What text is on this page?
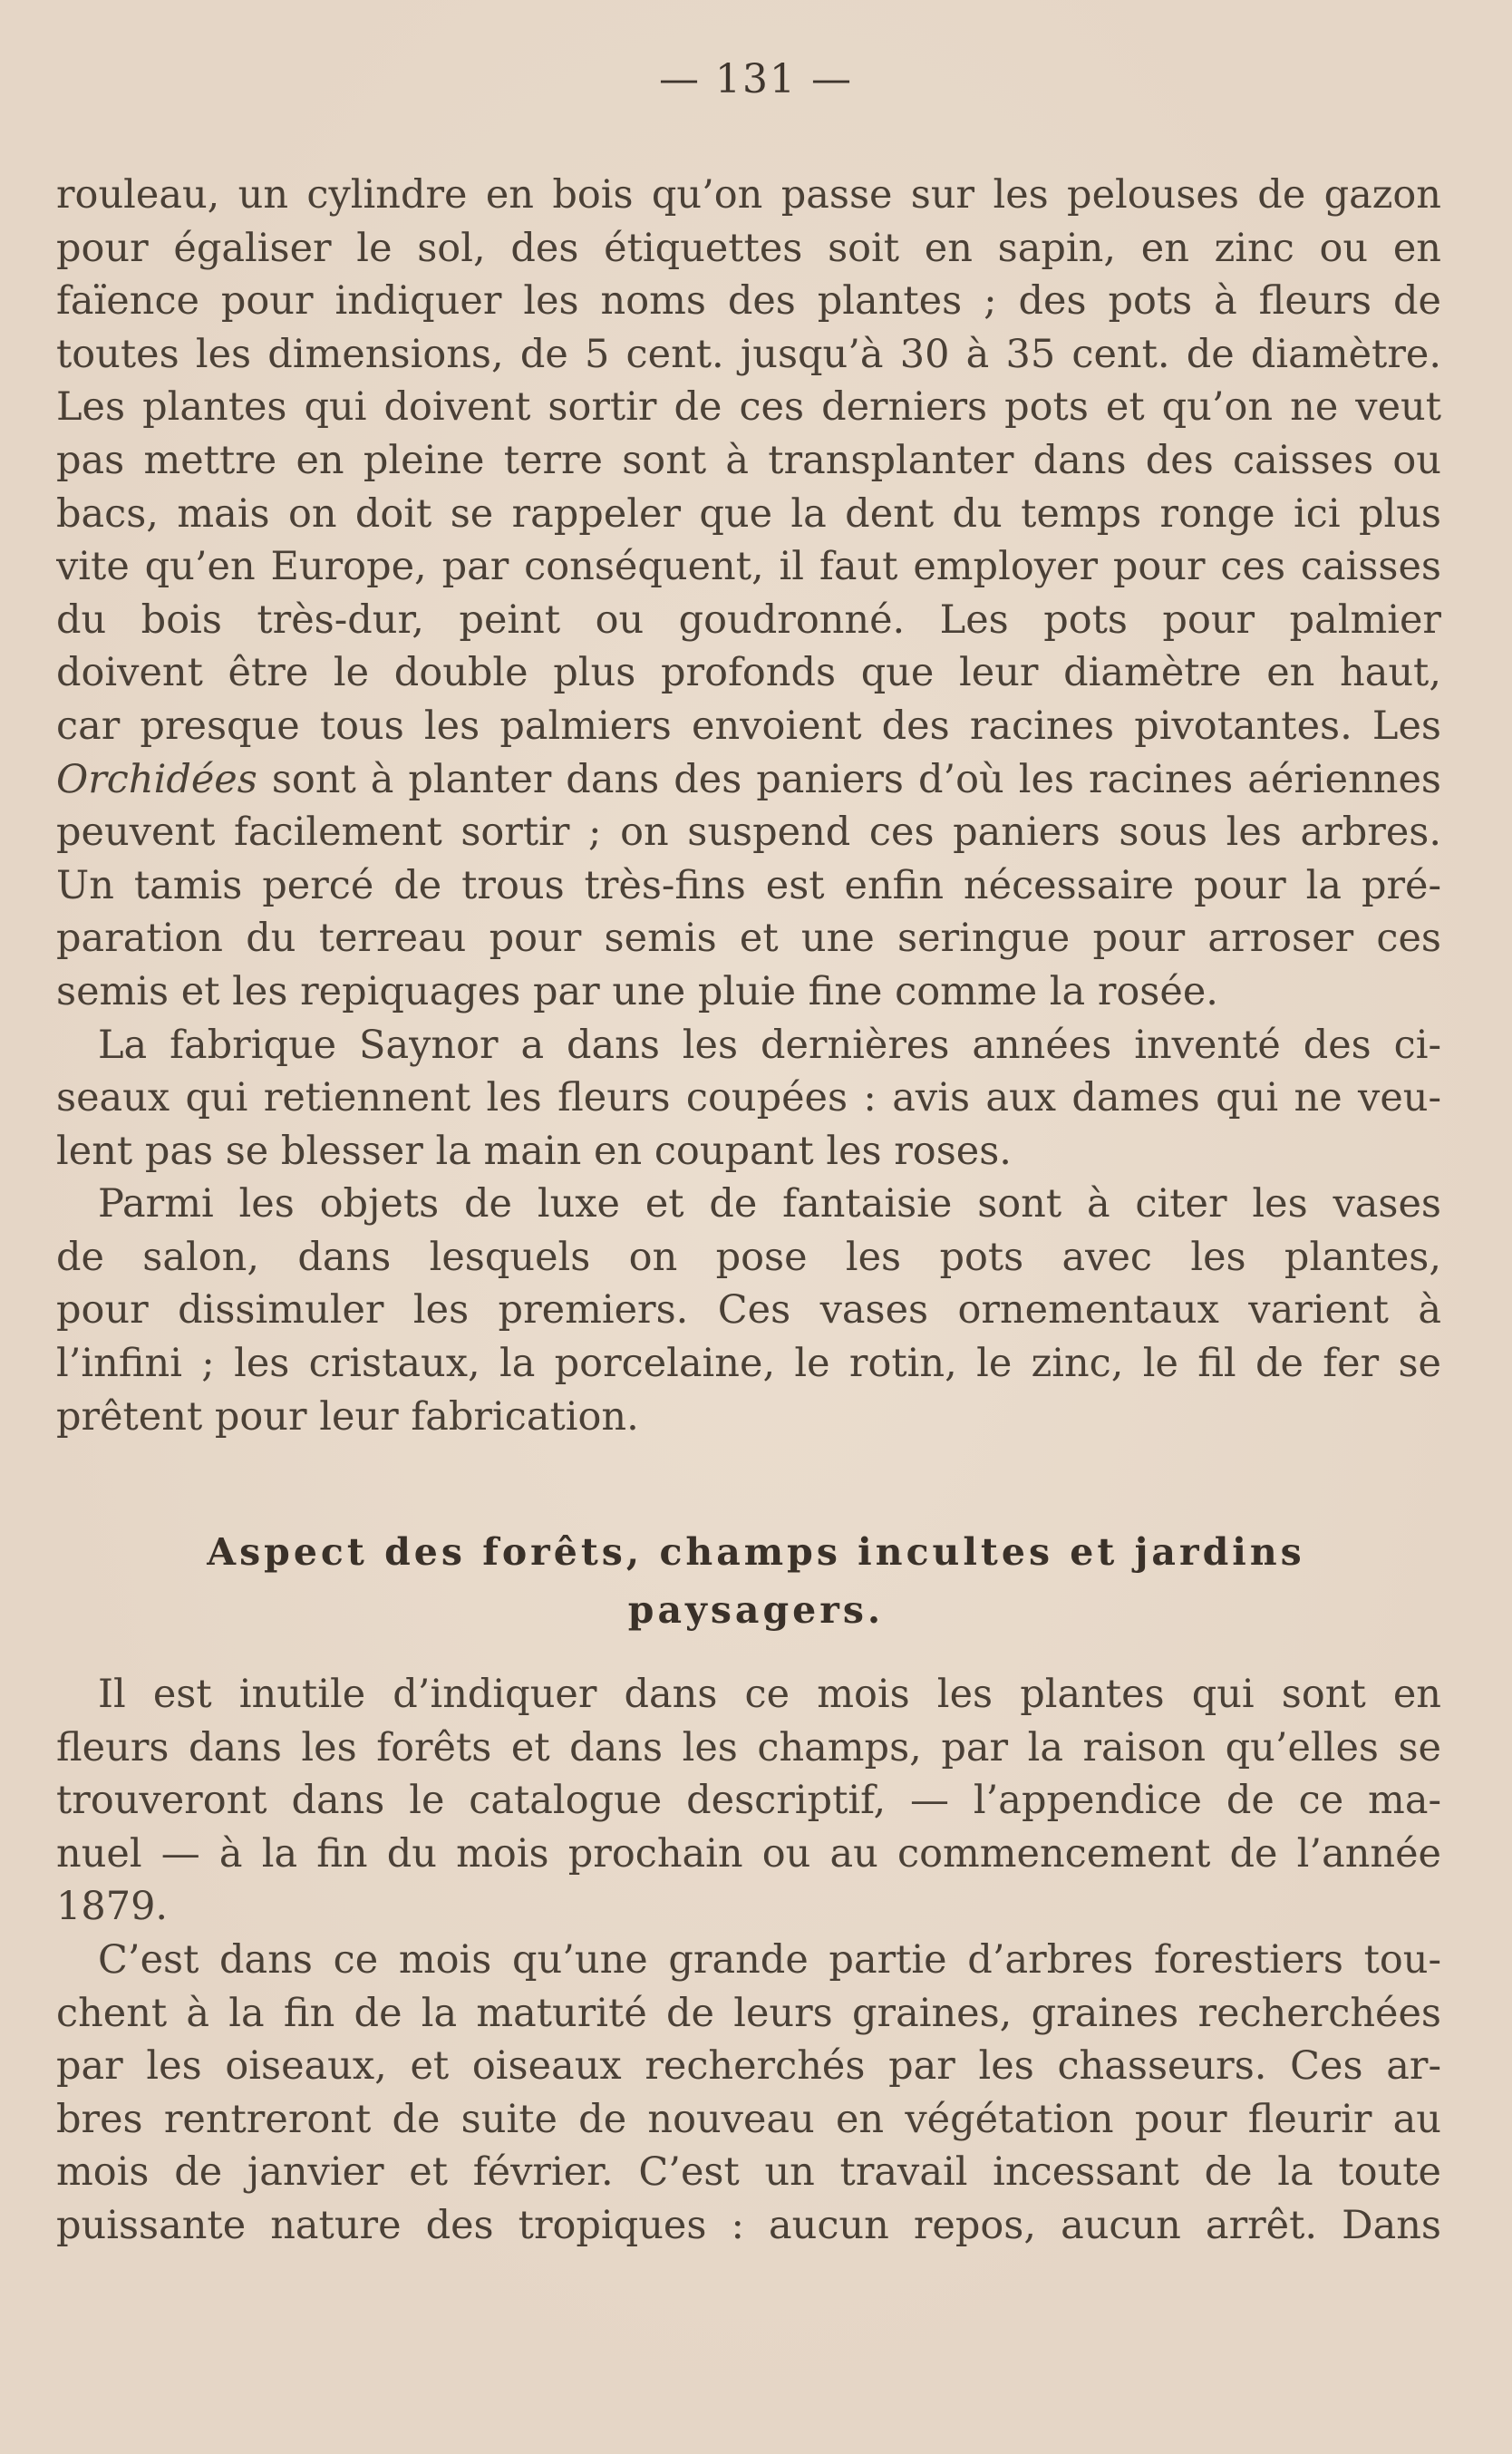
— 131 —
rouleau, un cylindre en bois qu’on passe sur les pelouses de gazon
pour égaliser le sol, des étiquettes soit en sapin, en zinc ou en
faïence pour indiquer les noms des plantes ; des pots à fleurs de
toutes les dimensions, de 5 cent. jusqu’à 30 à 35 cent. de diamètre.
Les plantes qui doivent sortir de ces derniers pots et qu’on ne veut
pas mettre en pleine terre sont à transplanter dans des caisses ou
bacs, mais on doit se rappeler que la dent du temps ronge ici plus
vite qu’en Europe, par conséquent, il faut employer pour ces caisses
du bois très-dur, peint ou goudronné. Les pots pour palmier
doivent être le double plus profonds que leur diamètre en haut,
car presque tous les palmiers envoient des racines pivotantes. Les
Orchidées sont à planter dans des paniers d’où les racines aériennes
peuvent facilement sortir ; on suspend ces paniers sous les arbres.
Un tamis percé de trous très-fins est enfin nécessaire pour la pré-
paration du terreau pour semis et une seringue pour arroser ces
semis et les repiquages par une pluie fine comme la rosée.
La fabrique Saynor a dans les dernières années inventé des ci-
seaux qui retiennent les fleurs coupées : avis aux dames qui ne veu-
lent pas se blesser la main en coupant les roses.
Parmi les objets de luxe et de fantaisie sont à citer les vases
de salon, dans lesquels on pose les pots avec les plantes,
pour dissimuler les premiers. Ces vases ornementaux varient à
l’infini ; les cristaux, la porcelaine, le rotin, le zinc, le fil de fer se
prêtent pour leur fabrication.
Aspect des forêts, champs incultes et jardins
paysagers.
Il est inutile d’indiquer dans ce mois les plantes qui sont en
fleurs dans les forêts et dans les champs, par la raison qu’elles se
trouveront dans le catalogue descriptif, — l’appendice de ce ma-
nuel — à la fin du mois prochain ou au commencement de l’année
1879.
C’est dans ce mois qu’une grande partie d’arbres forestiers tou-
chent à la fin de la maturité de leurs graines, graines recherchées
par les oiseaux, et oiseaux recherchés par les chasseurs. Ces ar-
bres rentreront de suite de nouveau en végétation pour fleurir au
mois de janvier et février. C’est un travail incessant de la toute
puissante nature des tropiques : aucun repos, aucun arrêt. Dans
